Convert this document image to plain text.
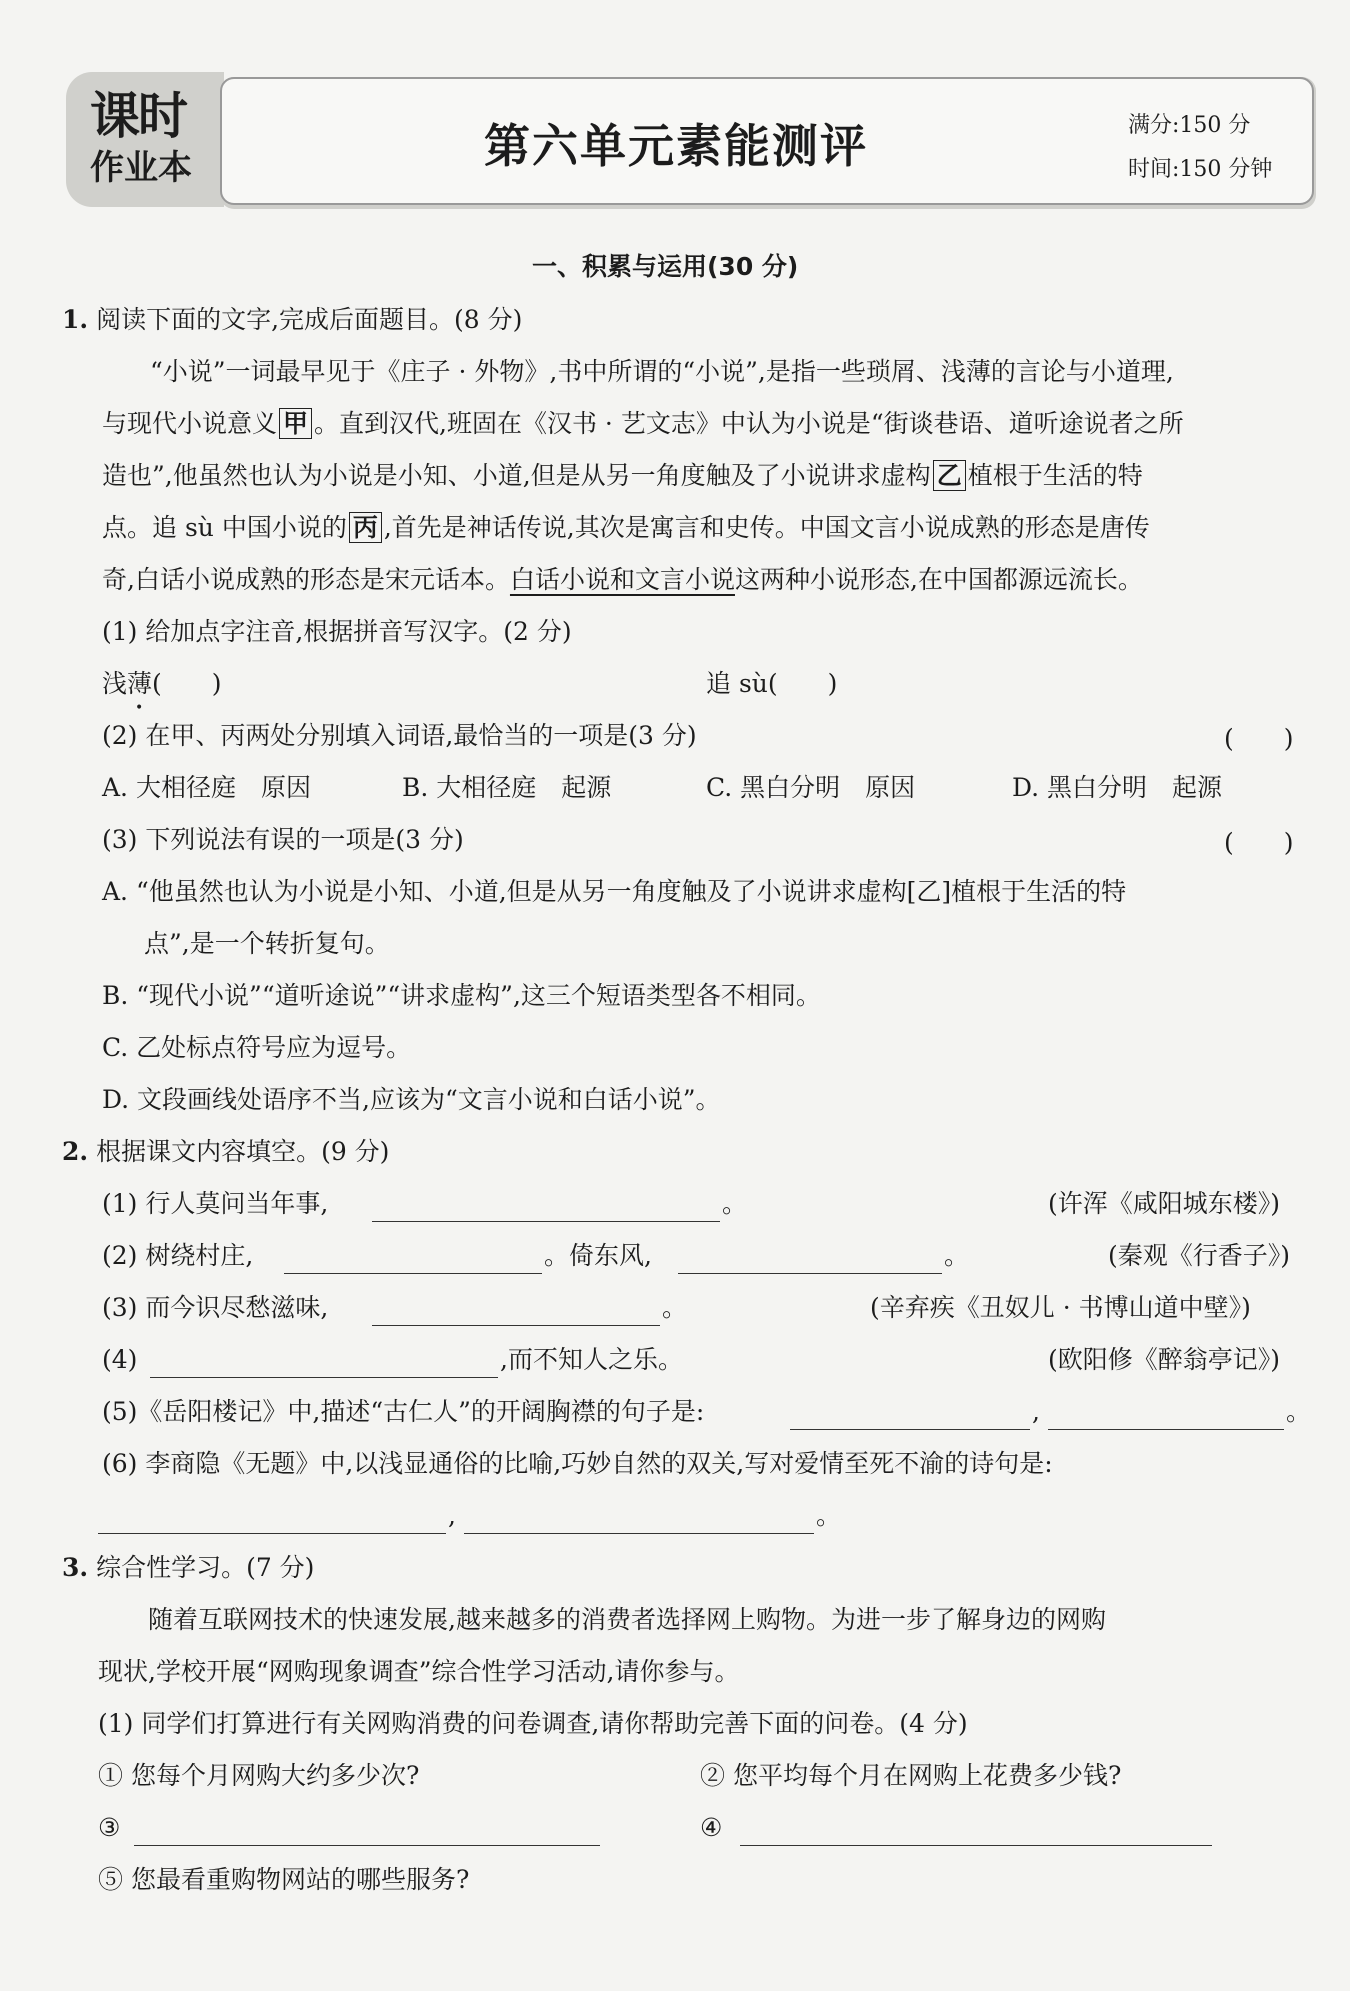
课时
作业本	第六单元素能测评	满分:150 分
时间:150 分钟
一、积累与运用(30 分)
1. 阅读下面的文字,完成后面题目。(8 分)
“小说”一词最早见于《庄子 · 外物》,书中所谓的“小说”,是指一些琐屑、浅薄的言论与小道理,
与现代小说意义 甲 。直到汉代,班固在《汉书 · 艺文志》中认为小说是“街谈巷语、道听途说者之所
造也”,他虽然也认为小说是小知、小道,但是从另一角度触及了小说讲求虚构 乙 植根于生活的特
点。追 sù 中国小说的 丙 ,首先是神话传说,其次是寓言和史传。中国文言小说成熟的形态是唐传
奇,白话小说成熟的形态是宋元话本。白话小说和文言小说这两种小说形态,在中国都源远流长。
(1) 给加点字注音,根据拼音写汉字。(2 分)
浅薄(　　)	追 sù(　　)
(2) 在甲、丙两处分别填入词语,最恰当的一项是(3 分)	(　　)
A. 大相径庭　原因	B. 大相径庭　起源	C. 黑白分明　原因	D. 黑白分明　起源
(3) 下列说法有误的一项是(3 分)	(　　)
A. “他虽然也认为小说是小知、小道,但是从另一角度触及了小说讲求虚构[乙]植根于生活的特
点”,是一个转折复句。
B. “现代小说”“道听途说”“讲求虚构”,这三个短语类型各不相同。
C. 乙处标点符号应为逗号。
D. 文段画线处语序不当,应该为“文言小说和白话小说”。
2. 根据课文内容填空。(9 分)
(1) 行人莫问当年事,	。	(许浑《咸阳城东楼》)
(2) 树绕村庄,	。倚东风,	。	(秦观《行香子》)
(3) 而今识尽愁滋味,	。	(辛弃疾《丑奴儿 · 书博山道中壁》)
(4)	,而不知人之乐。	(欧阳修《醉翁亭记》)
(5)《岳阳楼记》中,描述“古仁人”的开阔胸襟的句子是:	,	。
(6) 李商隐《无题》中,以浅显通俗的比喻,巧妙自然的双关,写对爱情至死不渝的诗句是:
,	。
3. 综合性学习。(7 分)
随着互联网技术的快速发展,越来越多的消费者选择网上购物。为进一步了解身边的网购
现状,学校开展“网购现象调查”综合性学习活动,请你参与。
(1) 同学们打算进行有关网购消费的问卷调查,请你帮助完善下面的问卷。(4 分)
① 您每个月网购大约多少次?	② 您平均每个月在网购上花费多少钱?
③	④
⑤ 您最看重购物网站的哪些服务?
